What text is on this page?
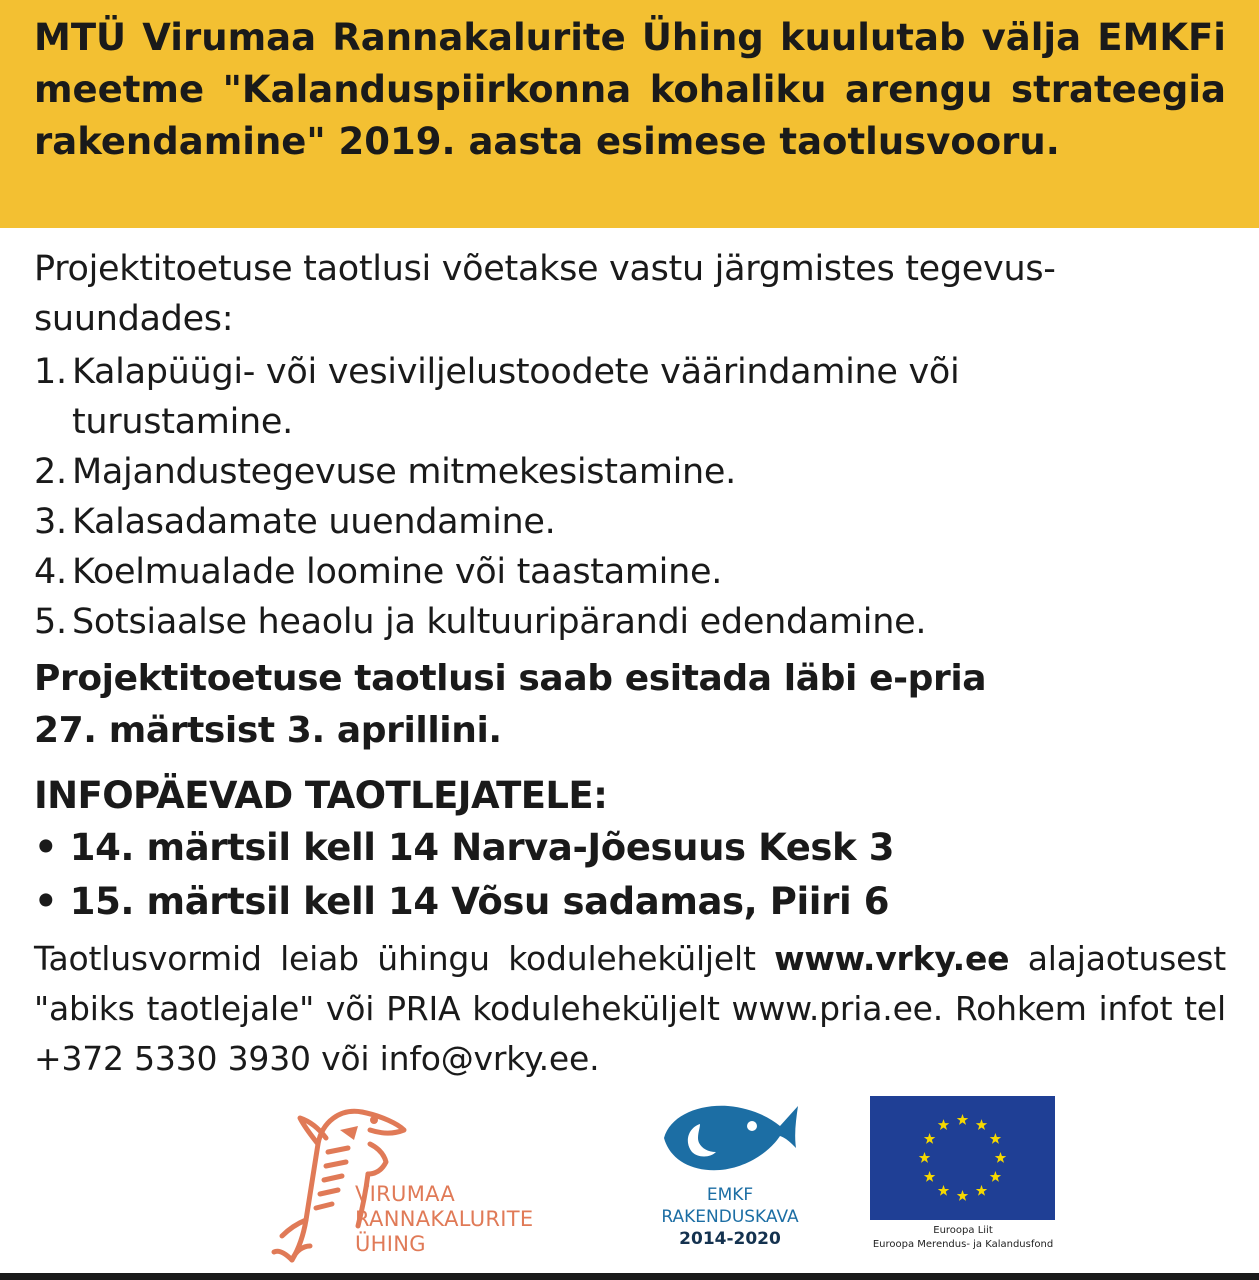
MTÜ Virumaa Rannakalurite Ühing kuulutab välja EMKFi meetme "Kalanduspiirkonna kohaliku arengu strateegia rakendamine" 2019. aasta esimese taotlusvooru.
Projektitoetuse taotlusi võetakse vastu järgmistes tegevussuundades:
1. Kalapüügi- või vesiviljelustoodete väärindamine või turustamine.
2. Majandustegevuse mitmekesistamine.
3. Kalasadamate uuendamine.
4. Koelmualade loomine või taastamine.
5. Sotsiaalse heaolu ja kultuuripärandi edendamine.
Projektitoetuse taotlusi saab esitada läbi e-pria
27. märtsist 3. aprillini.
INFOPÄEVAD TAOTLEJATELE:
• 14. märtsil kell 14 Narva-Jõesuus Kesk 3
• 15. märtsil kell 14 Võsu sadamas, Piiri 6
Taotlusvormid leiab ühingu koduleheküljelt www.vrky.ee alajaotusest "abiks taotlejale" või PRIA koduleheküljelt www.pria.ee. Rohkem infot tel +372 5330 3930 või info@vrky.ee.
VIRUMAA
RANNAKALURITE
ÜHING
EMKF
RAKENDUSKAVA
2014-2020	Euroopa Liit
Euroopa Merendus- ja Kalandusfond
